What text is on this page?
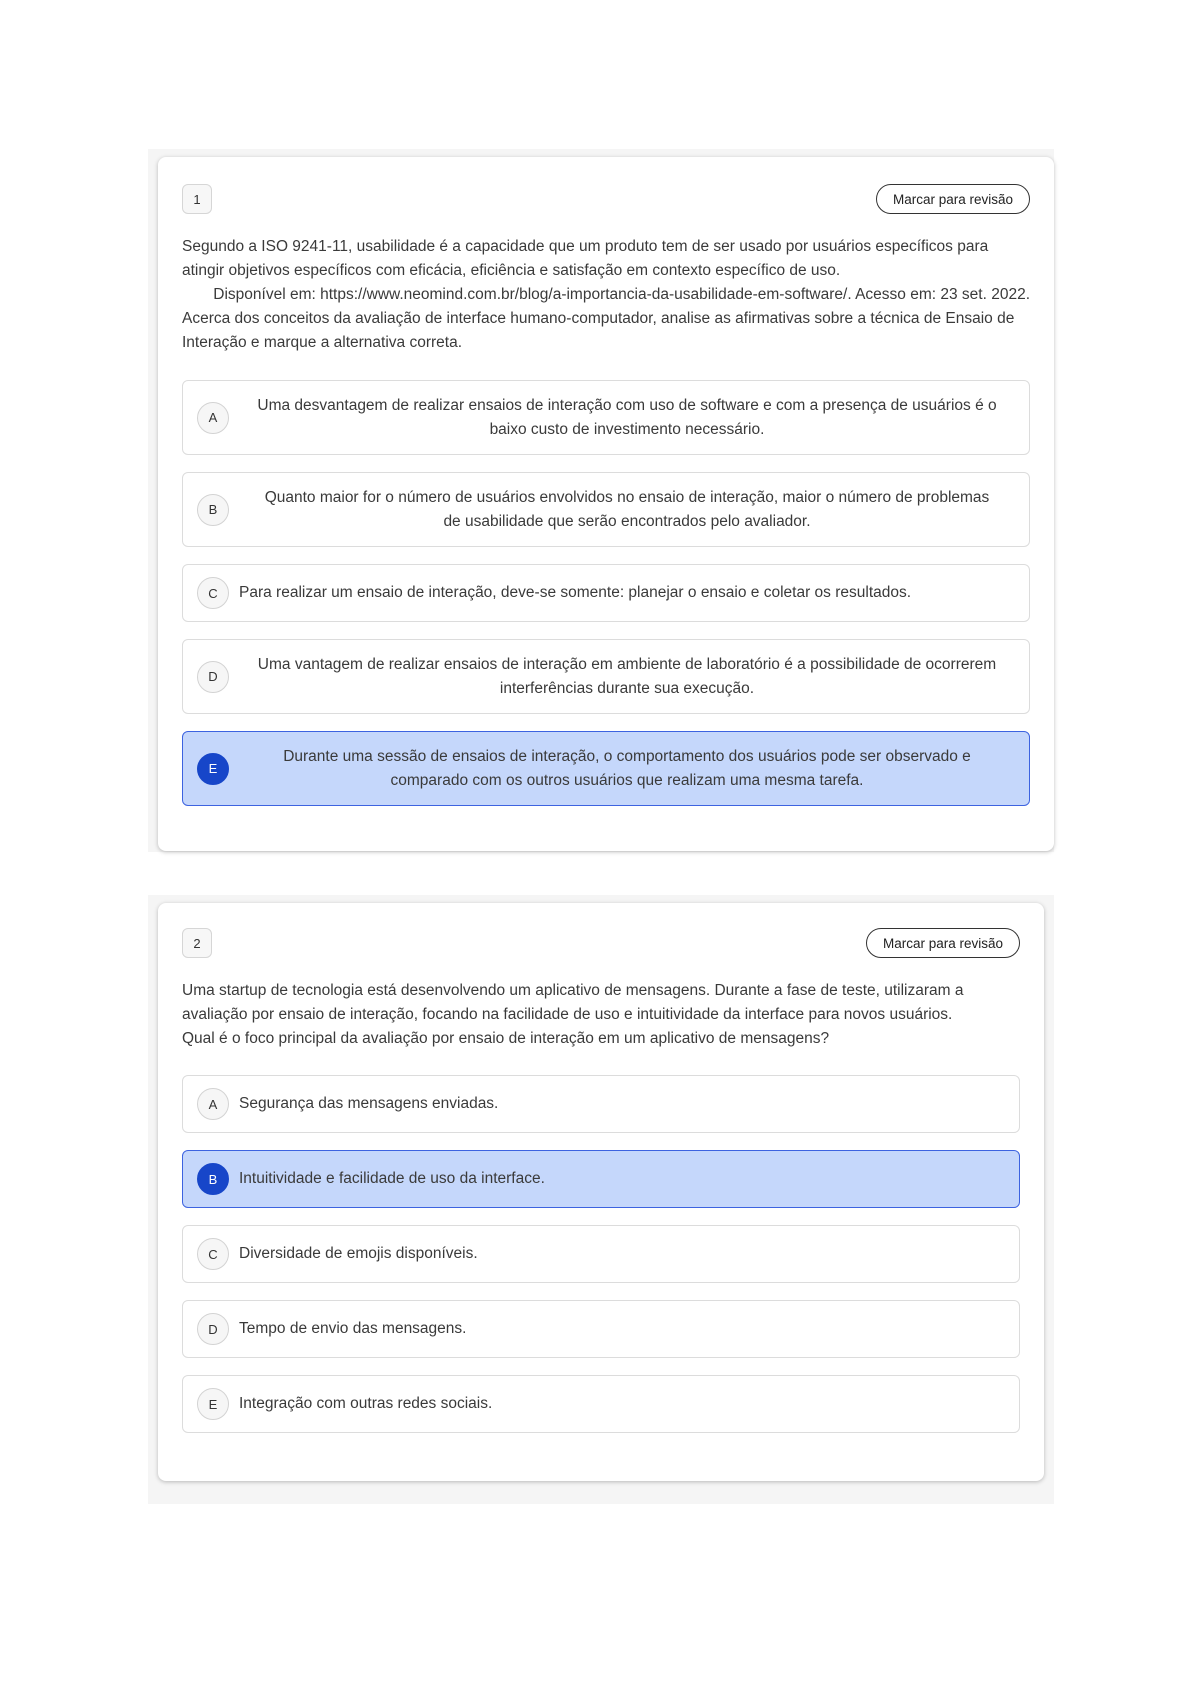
1	Marcar para revisão

Segundo a ISO 9241-11, usabilidade é a capacidade que um produto tem de ser usado por usuários específicos para atingir objetivos específicos com eficácia, eficiência e satisfação em contexto específico de uso.

Disponível em: https://www.neomind.com.br/blog/a-importancia-da-usabilidade-em-software/. Acesso em: 23 set. 2022.

Acerca dos conceitos da avaliação de interface humano-computador, analise as afirmativas sobre a técnica de Ensaio de Interação e marque a alternativa correta.

A
Uma desvantagem de realizar ensaios de interação com uso de software e com a presença de usuários é o baixo custo de investimento necessário.
B
Quanto maior for o número de usuários envolvidos no ensaio de interação, maior o número de problemas de usabilidade que serão encontrados pelo avaliador.
C	Para realizar um ensaio de interação, deve-se somente: planejar o ensaio e coletar os resultados.
D
Uma vantagem de realizar ensaios de interação em ambiente de laboratório é a possibilidade de ocorrerem interferências durante sua execução.
E
Durante uma sessão de ensaios de interação, o comportamento dos usuários pode ser observado e comparado com os outros usuários que realizam uma mesma tarefa.
2	Marcar para revisão

Uma startup de tecnologia está desenvolvendo um aplicativo de mensagens. Durante a fase de teste, utilizaram a avaliação por ensaio de interação, focando na facilidade de uso e intuitividade da interface para novos usuários.

Qual é o foco principal da avaliação por ensaio de interação em um aplicativo de mensagens?

A	Segurança das mensagens enviadas.
B	Intuitividade e facilidade de uso da interface.
C	Diversidade de emojis disponíveis.
D	Tempo de envio das mensagens.
E	Integração com outras redes sociais.
